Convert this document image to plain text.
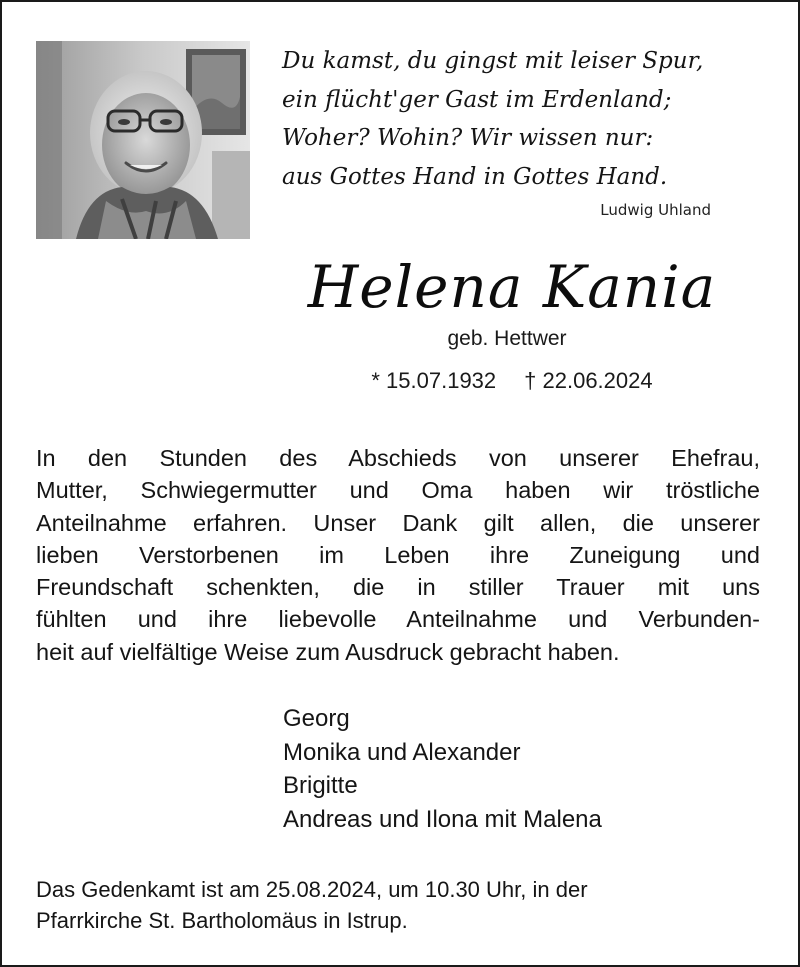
Du kamst, du gingst mit leiser Spur,
ein flücht'ger Gast im Erdenland;
Woher? Wohin? Wir wissen nur:
aus Gottes Hand in Gottes Hand.
Ludwig Uhland
Helena Kania
geb. Hettwer
* 15.07.1932 † 22.06.2024
In den Stunden des Abschieds von unserer Ehefrau,
Mutter, Schwiegermutter und Oma haben wir tröstliche
Anteilnahme erfahren. Unser Dank gilt allen, die unserer
lieben Verstorbenen im Leben ihre Zuneigung und
Freundschaft schenkten, die in stiller Trauer mit uns
fühlten und ihre liebevolle Anteilnahme und Verbunden-
heit auf vielfältige Weise zum Ausdruck gebracht haben.
Georg
Monika und Alexander
Brigitte
Andreas und Ilona mit Malena
Das Gedenkamt ist am 25.08.2024, um 10.30 Uhr, in der
Pfarrkirche St. Bartholomäus in Istrup.
